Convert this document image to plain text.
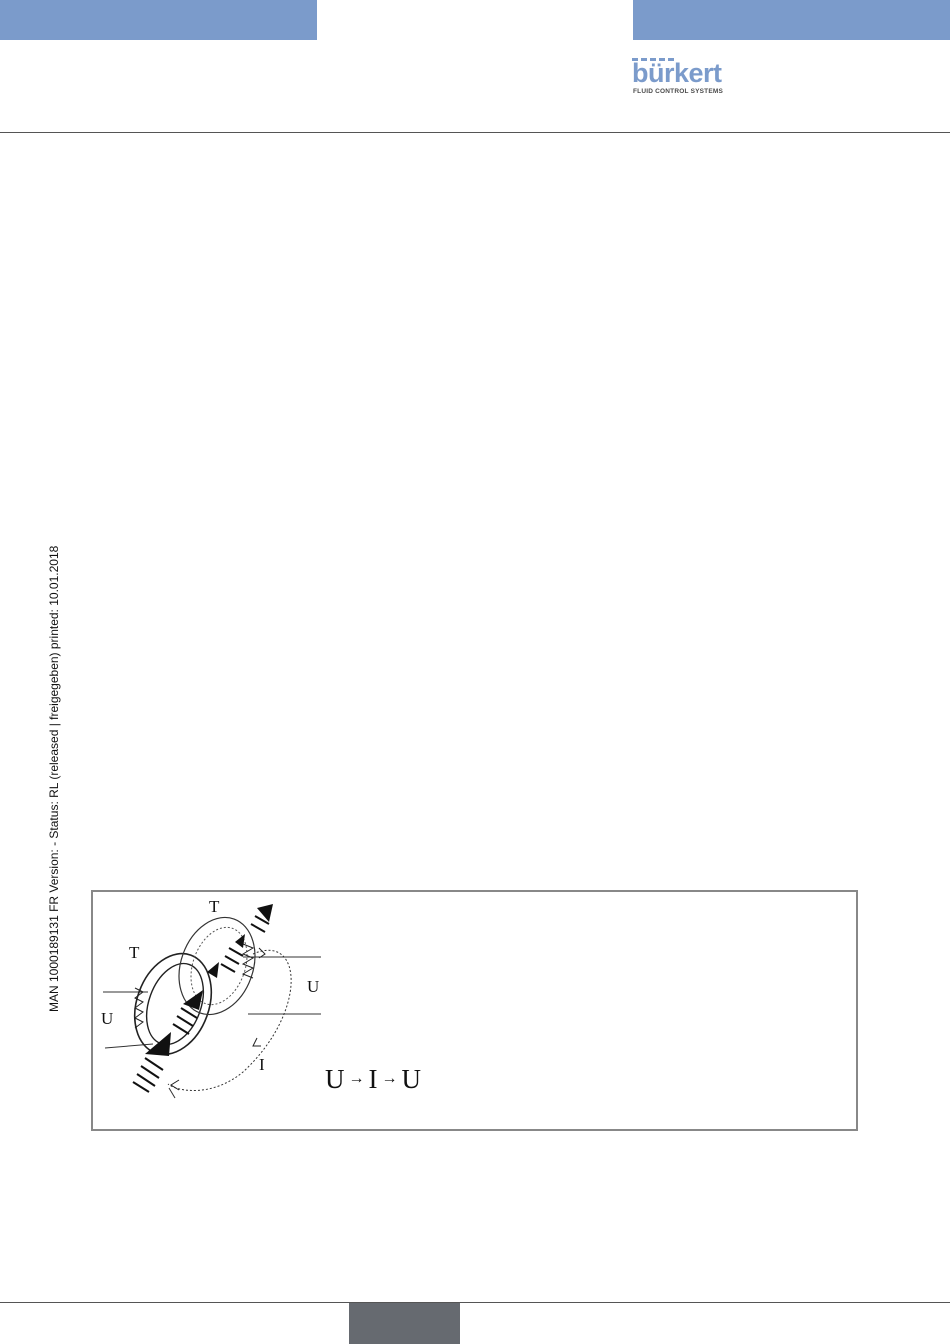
bürkert
FLUID CONTROL SYSTEMS
MAN 1000189131 FR Version: - Status: RL (released | freigegeben) printed: 10.01.2018	T
T
U
U
I U → I → U
